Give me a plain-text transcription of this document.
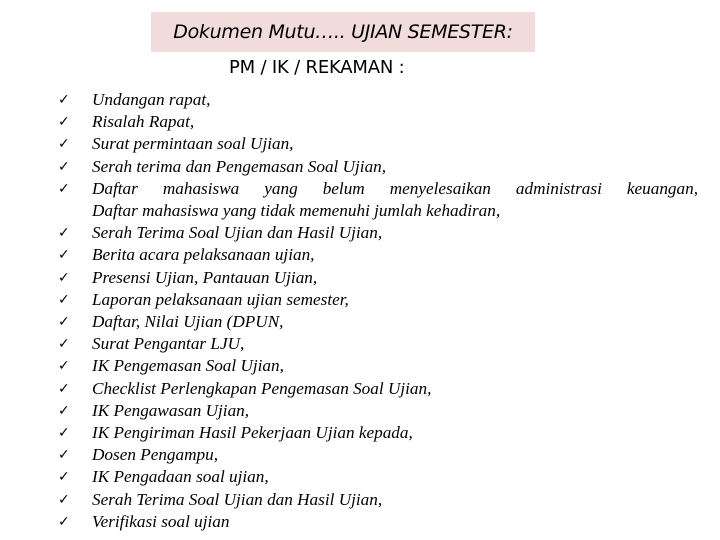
Dokumen Mutu….. UJIAN SEMESTER:
PM / IK / REKAMAN :
✓	Undangan rapat,
✓	Risalah Rapat,
✓	Surat permintaan soal Ujian,
✓	Serah terima dan Pengemasan Soal Ujian,
✓	Daftar mahasiswa yang belum menyelesaikan administrasi keuangan,
Daftar mahasiswa yang tidak memenuhi jumlah kehadiran,
✓	Serah Terima Soal Ujian dan Hasil Ujian,
✓	Berita acara pelaksanaan ujian,
✓	Presensi Ujian, Pantauan Ujian,
✓	Laporan pelaksanaan ujian semester,
✓	Daftar, Nilai Ujian (DPUN,
✓	Surat Pengantar LJU,
✓	IK Pengemasan Soal Ujian,
✓	Checklist Perlengkapan Pengemasan Soal Ujian,
✓	IK Pengawasan Ujian,
✓	IK Pengiriman Hasil Pekerjaan Ujian kepada,
✓	Dosen Pengampu,
✓	IK Pengadaan soal ujian,
✓	Serah Terima Soal Ujian dan Hasil Ujian,
✓	Verifikasi soal ujian
